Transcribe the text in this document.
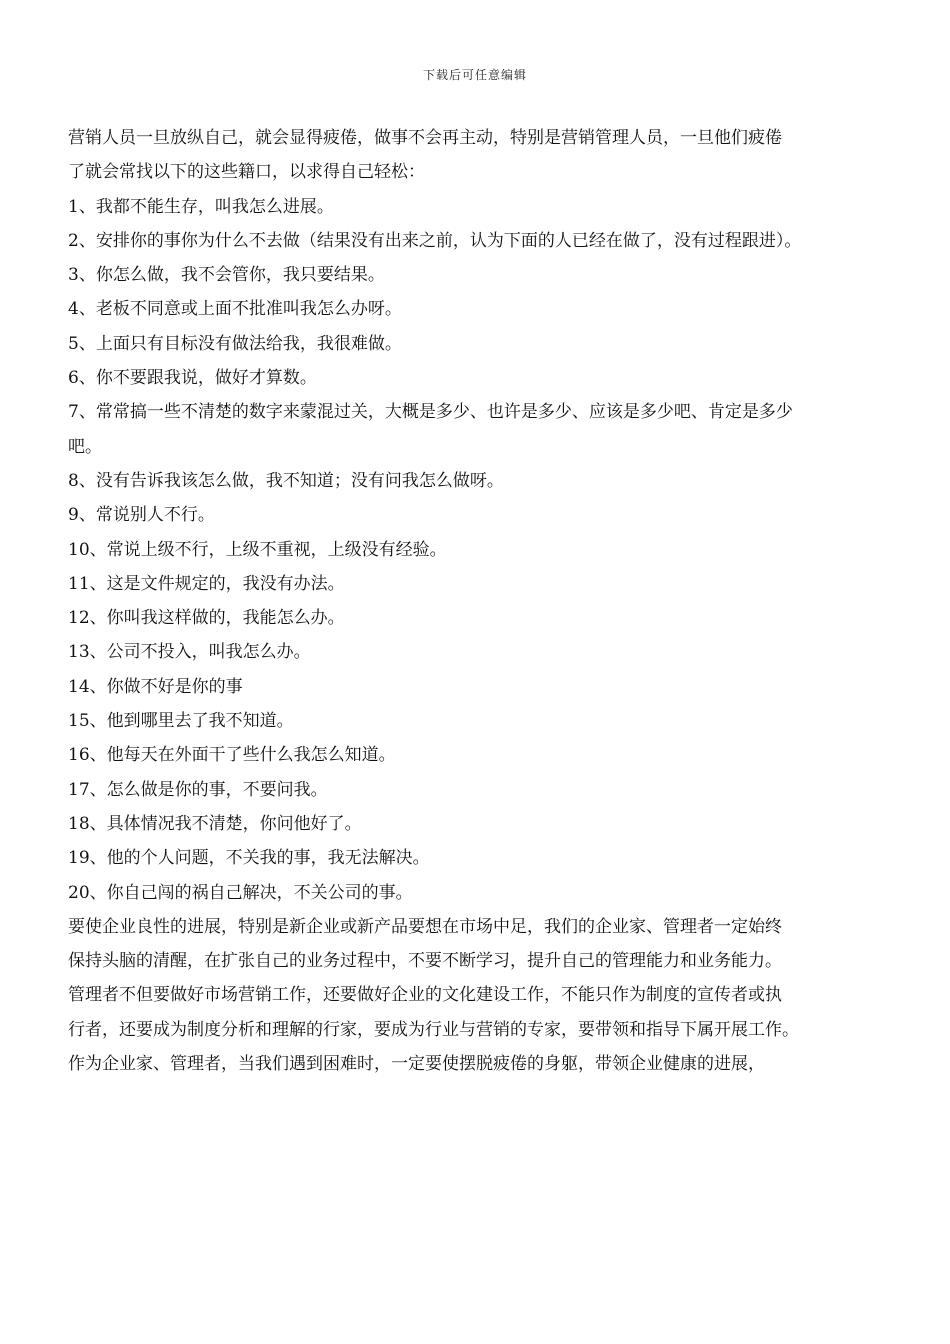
下载后可任意编辑
营销人员一旦放纵自己，就会显得疲倦，做事不会再主动，特别是营销管理人员，一旦他们疲倦
了就会常找以下的这些籍口，以求得自己轻松：
1、我都不能生存，叫我怎么进展。
2、安排你的事你为什么不去做（结果没有出来之前，认为下面的人已经在做了，没有过程跟进）。
3、你怎么做，我不会管你，我只要结果。
4、老板不同意或上面不批准叫我怎么办呀。
5、上面只有目标没有做法给我，我很难做。
6、你不要跟我说，做好才算数。
7、常常搞一些不清楚的数字来蒙混过关，大概是多少、也许是多少、应该是多少吧、肯定是多少
吧。
8、没有告诉我该怎么做，我不知道；没有问我怎么做呀。
9、常说别人不行。
10、常说上级不行，上级不重视，上级没有经验。
11、这是文件规定的，我没有办法。
12、你叫我这样做的，我能怎么办。
13、公司不投入，叫我怎么办。
14、你做不好是你的事
15、他到哪里去了我不知道。
16、他每天在外面干了些什么我怎么知道。
17、怎么做是你的事，不要问我。
18、具体情况我不清楚，你问他好了。
19、他的个人问题，不关我的事，我无法解决。
20、你自己闯的祸自己解决，不关公司的事。
要使企业良性的进展，特别是新企业或新产品要想在市场中足，我们的企业家、管理者一定始终
保持头脑的清醒，在扩张自己的业务过程中，不要不断学习，提升自己的管理能力和业务能力。
管理者不但要做好市场营销工作，还要做好企业的文化建设工作，不能只作为制度的宣传者或执
行者，还要成为制度分析和理解的行家，要成为行业与营销的专家，要带领和指导下属开展工作。
作为企业家、管理者，当我们遇到困难时，一定要使摆脱疲倦的身躯，带领企业健康的进展，
